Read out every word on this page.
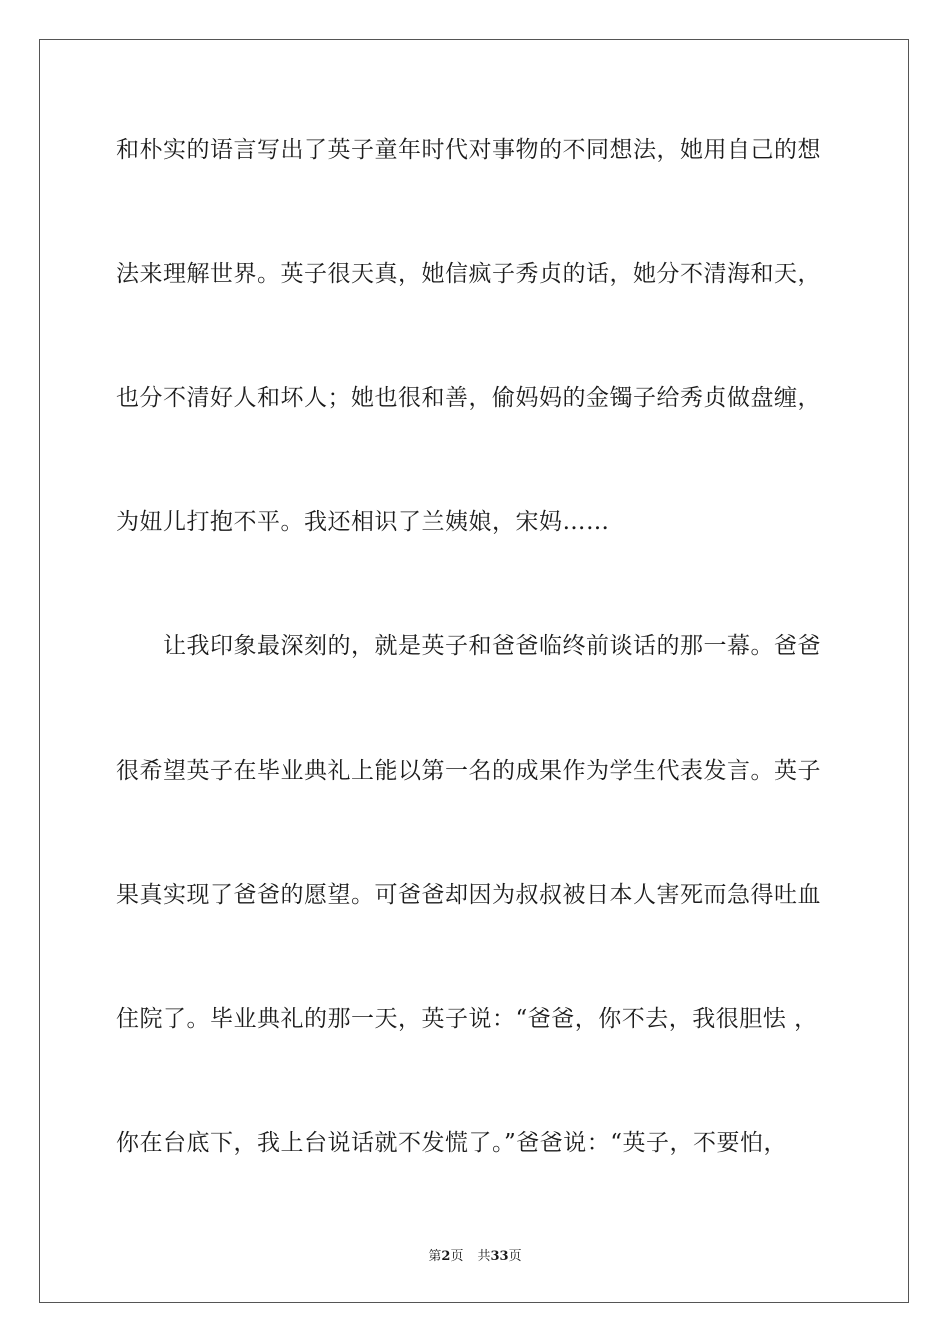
和朴实的语言写出了英子童年时代对事物的不同想法，她用自己的想
法来理解世界。英子很天真，她信疯子秀贞的话，她分不清海和天，
也分不清好人和坏人；她也很和善，偷妈妈的金镯子给秀贞做盘缠，
为妞儿打抱不平。我还相识了兰姨娘，宋妈……
让我印象最深刻的，就是英子和爸爸临终前谈话的那一幕。爸爸
很希望英子在毕业典礼上能以第一名的成果作为学生代表发言。英子
果真实现了爸爸的愿望。可爸爸却因为叔叔被日本人害死而急得吐血
住院了。毕业典礼的那一天，英子说：“爸爸，你不去，我很胆怯 ，
你在台底下，我上台说话就不发慌了。”爸爸说：“英子，不要怕，
第2页 共33页
